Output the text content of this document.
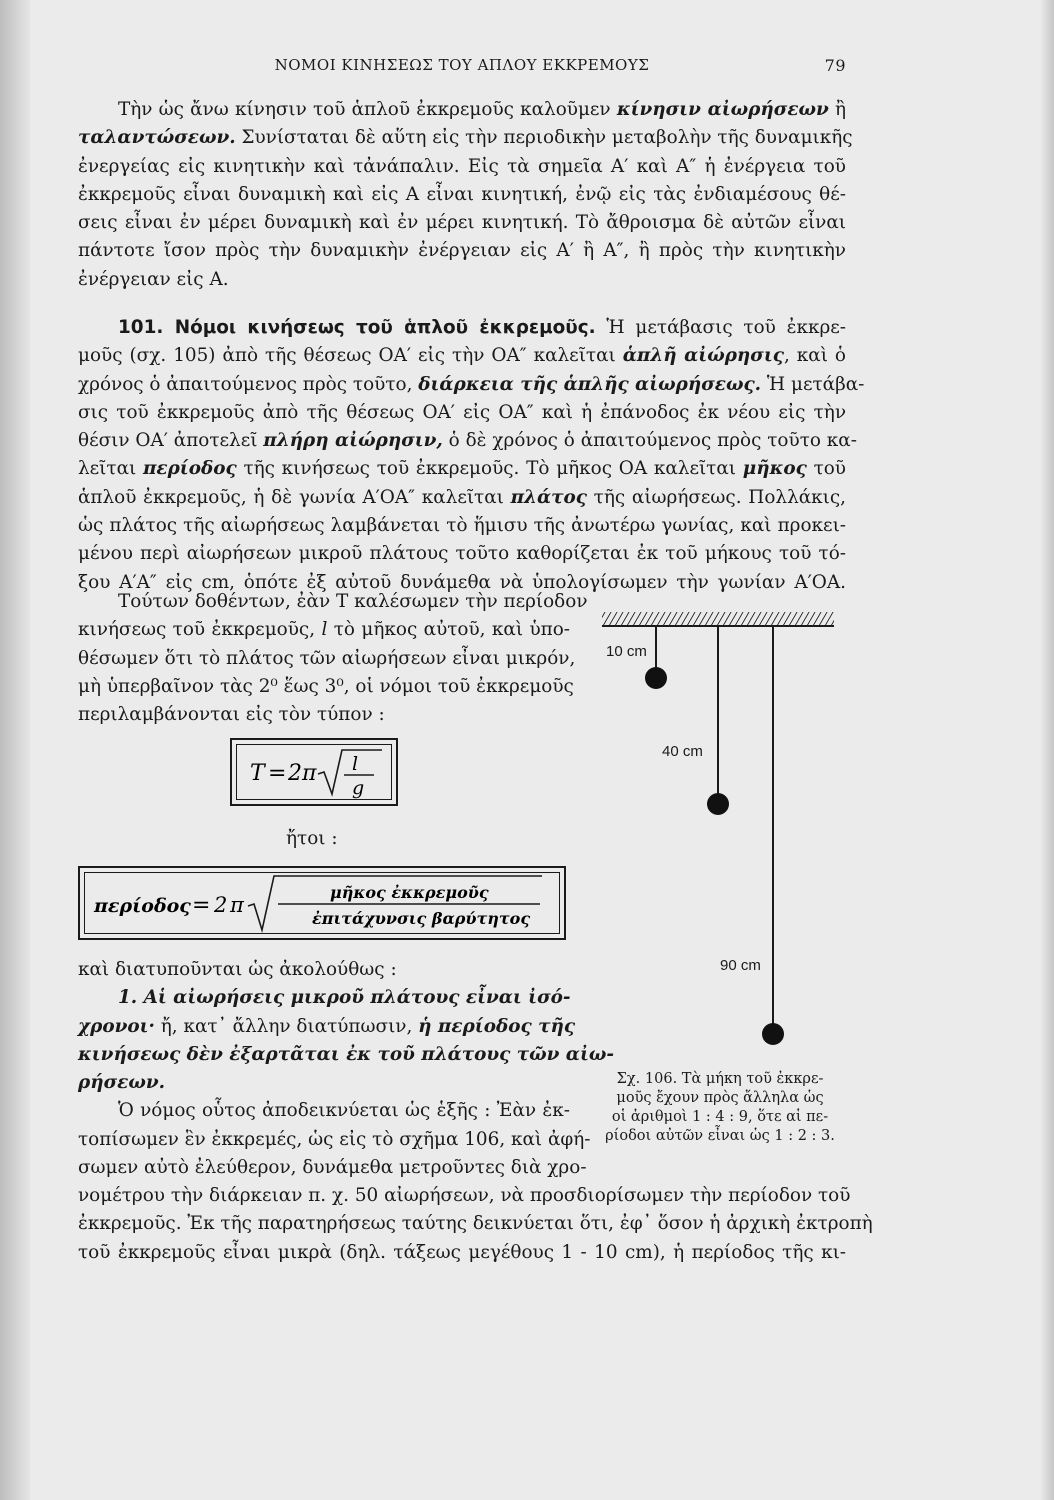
ΝΟΜΟΙ ΚΙΝΗΣΕΩΣ ΤΟΥ ΑΠΛΟΥ ΕΚΚΡΕΜΟΥΣ	79
Τὴν ὡς ἄνω κίνησιν τοῦ ἁπλοῦ ἐκκρεμοῦς καλοῦμεν κίνησιν αἰωρήσεων ἢ
ταλαντώσεων. Συνίσταται δὲ αὕτη εἰς τὴν περιοδικὴν μεταβολὴν τῆς δυναμικῆς
ἐνεργείας εἰς κινητικὴν καὶ τἀνάπαλιν. Εἰς τὰ σημεῖα Α′ καὶ Α″ ἡ ἐνέργεια τοῦ
ἐκκρεμοῦς εἶναι δυναμικὴ καὶ εἰς Α εἶναι κινητική, ἐνῷ εἰς τὰς ἐνδιαμέσους θέ-
σεις εἶναι ἐν μέρει δυναμικὴ καὶ ἐν μέρει κινητική. Τὸ ἄθροισμα δὲ αὐτῶν εἶναι
πάντοτε ἴσον πρὸς τὴν δυναμικὴν ἐνέργειαν εἰς Α′ ἢ Α″, ἢ πρὸς τὴν κινητικὴν
ἐνέργειαν εἰς Α.
101. Νόμοι κινήσεως τοῦ ἁπλοῦ ἐκκρεμοῦς. Ἡ μετάβασις τοῦ ἐκκρε-
μοῦς (σχ. 105) ἀπὸ τῆς θέσεως ΟΑ′ εἰς τὴν ΟΑ″ καλεῖται ἁπλῆ αἰώρησις, καὶ ὁ
χρόνος ὁ ἀπαιτούμενος πρὸς τοῦτο, διάρκεια τῆς ἁπλῆς αἰωρήσεως. Ἡ μετάβα-
σις τοῦ ἐκκρεμοῦς ἀπὸ τῆς θέσεως ΟΑ′ εἰς ΟΑ″ καὶ ἡ ἐπάνοδος ἐκ νέου εἰς τὴν
θέσιν ΟΑ′ ἀποτελεῖ πλήρη αἰώρησιν, ὁ δὲ χρόνος ὁ ἀπαιτούμενος πρὸς τοῦτο κα-
λεῖται περίοδος τῆς κινήσεως τοῦ ἐκκρεμοῦς. Τὸ μῆκος ΟΑ καλεῖται μῆκος τοῦ
ἁπλοῦ ἐκκρεμοῦς, ἡ δὲ γωνία Α′ΟΑ″ καλεῖται πλάτος τῆς αἰωρήσεως. Πολλάκις,
ὡς πλάτος τῆς αἰωρήσεως λαμβάνεται τὸ ἥμισυ τῆς ἀνωτέρω γωνίας, καὶ προκει-
μένου περὶ αἰωρήσεων μικροῦ πλάτους τοῦτο καθορίζεται ἐκ τοῦ μήκους τοῦ τό-
ξου Α′Α″ εἰς cm, ὁπότε ἐξ αὐτοῦ δυνάμεθα νὰ ὑπολογίσωμεν τὴν γωνίαν Α′ΟΑ.
Τούτων δοθέντων, ἐὰν Τ καλέσωμεν τὴν περίοδον
κινήσεως τοῦ ἐκκρεμοῦς, l τὸ μῆκος αὐτοῦ, καὶ ὑπο-
θέσωμεν ὅτι τὸ πλάτος τῶν αἰωρήσεων εἶναι μικρόν,
μὴ ὑπερβαῖνον τὰς 2⁰ ἕως 3⁰, οἱ νόμοι τοῦ ἐκκρεμοῦς
περιλαμβάνονται εἰς τὸν τύπον :
T = 2 π l
g
ἤτοι :
περίοδος = 2 π
μῆκος ἐκκρεμοῦς
ἐπιτάχυνσις βαρύτητος
καὶ διατυποῦνται ὡς ἀκολούθως :
1. Αἱ αἰωρήσεις μικροῦ πλάτους εἶναι ἰσό-
χρονοι· ἤ, κατ᾿ ἄλλην διατύπωσιν, ἡ περίοδος τῆς
κινήσεως δὲν ἐξαρτᾶται ἐκ τοῦ πλάτους τῶν αἰω-
ρήσεων.
Ὁ νόμος οὗτος ἀποδεικνύεται ὡς ἑξῆς : Ἐὰν ἐκ-
τοπίσωμεν ἓν ἐκκρεμές, ὡς εἰς τὸ σχῆμα 106, καὶ ἀφή-
σωμεν αὐτὸ ἐλεύθερον, δυνάμεθα μετροῦντες διὰ χρο-
νομέτρου τὴν διάρκειαν π. χ. 50 αἰωρήσεων, νὰ προσδιορίσωμεν τὴν περίοδον τοῦ
ἐκκρεμοῦς. Ἐκ τῆς παρατηρήσεως ταύτης δεικνύεται ὅτι, ἐφ᾿ ὅσον ἡ ἀρχικὴ ἐκτροπὴ
τοῦ ἐκκρεμοῦς εἶναι μικρὰ (δηλ. τάξεως μεγέθους 1 - 10 cm), ἡ περίοδος τῆς κι-
10 cm
40 cm
90 cm
Σχ. 106. Τὰ μήκη τοῦ ἐκκρε-
μοῦς ἔχουν πρὸς ἄλληλα ὡς
οἱ ἀριθμοὶ 1 : 4 : 9, ὅτε αἱ πε-
ρίοδοι αὐτῶν εἶναι ὡς 1 : 2 : 3.
